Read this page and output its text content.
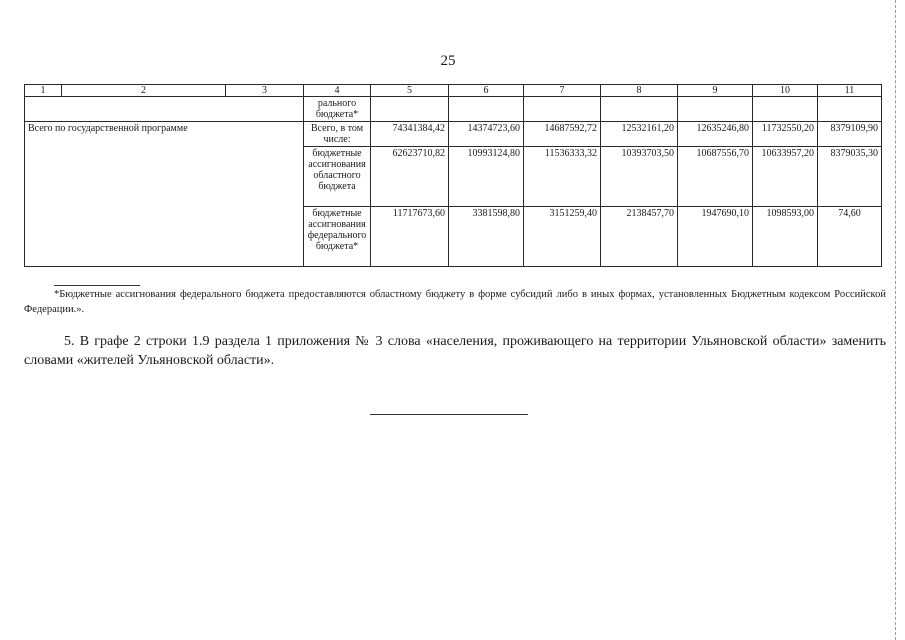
25
1	2	3	4	5	6	7	8	9	10	11
			рального бюджета*							
Всего по государственной программе			Всего, в том числе:	74341384,42	14374723,60	14687592,72	12532161,20	12635246,80	11732550,20	8379109,90
			бюджетные ассигнования областного бюджета	62623710,82	10993124,80	11536333,32	10393703,50	10687556,70	10633957,20	8379035,30
			бюджетные ассигнования федерального бюджета*	11717673,60	3381598,80	3151259,40	2138457,70	1947690,10	1098593,00	74,60
*Бюджетные ассигнования федерального бюджета предоставляются областному бюджету в форме субсидий либо в иных формах, установленных Бюджетным кодексом Российской Федерации.».
5. В графе 2 строки 1.9 раздела 1 приложения № 3 слова «населения, проживающего на территории Ульяновской области» заменить словами «жителей Ульяновской области».
